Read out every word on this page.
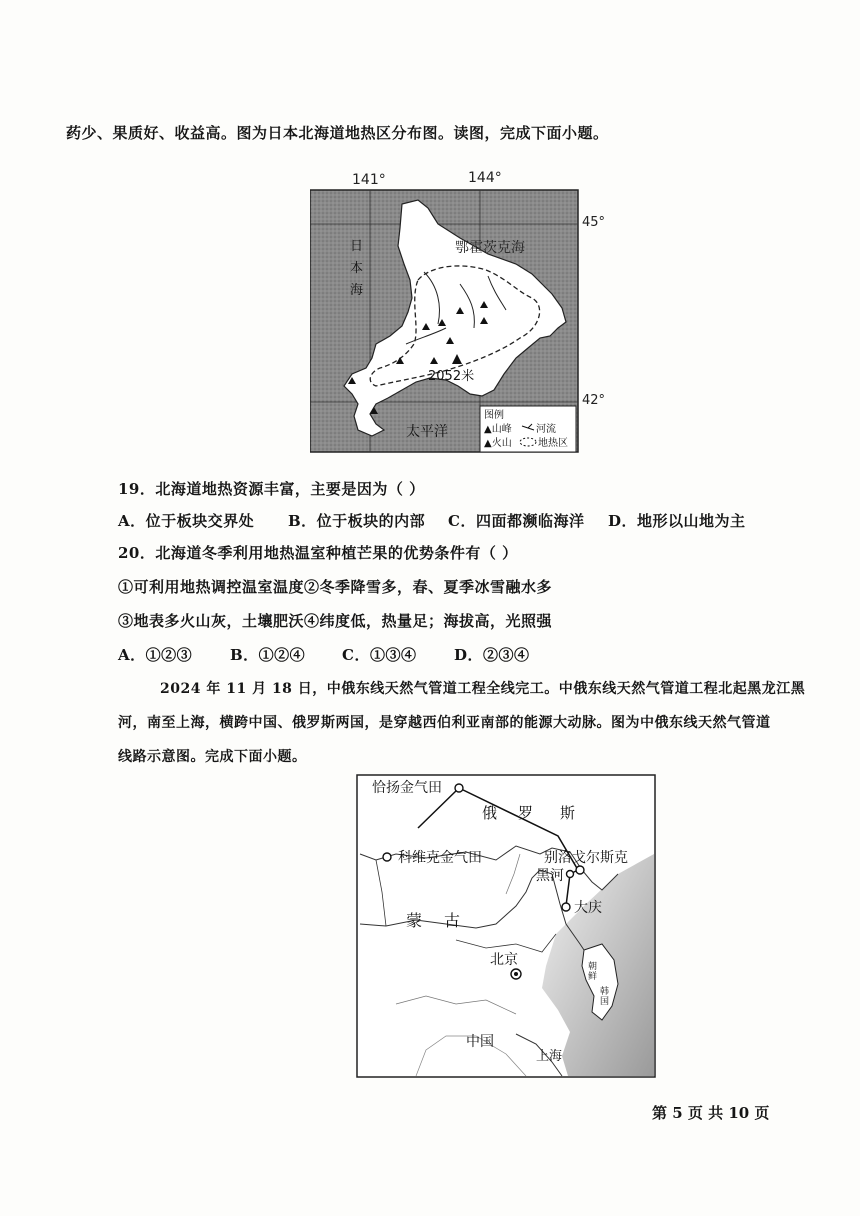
药少、果质好、收益高。图为日本北海道地热区分布图。读图，完成下面小题。
141°	144°
45°
42°
鄂霍茨克海
日
本
海
2052米
太平洋
图例
▲山峰 河流
▲火山	地热区
19．北海道地热资源丰富，主要是因为（ ）
A．位于板块交界处 B．位于板块的内部 C．四面都濒临海洋 D．地形以山地为主
20．北海道冬季利用地热温室种植芒果的优势条件有（ ）
①可利用地热调控温室温度②冬季降雪多，春、夏季冰雪融水多
③地表多火山灰，土壤肥沃④纬度低，热量足；海拔高，光照强
A．①②③	B．①②④ C．①③④	D．②③④
2024 年 11 月 18 日，中俄东线天然气管道工程全线完工。中俄东线天然气管道工程北起黑龙江黑
河，南至上海，横跨中国、俄罗斯两国，是穿越西伯利亚南部的能源大动脉。图为中俄东线天然气管道
线路示意图。完成下面小题。
恰扬金气田
俄 罗 斯
科维克金气田	别洛戈尔斯克
黑河
大庆
蒙 古
北京	朝
鲜
韩
国
中国
上海
第 5 页 共 10 页
